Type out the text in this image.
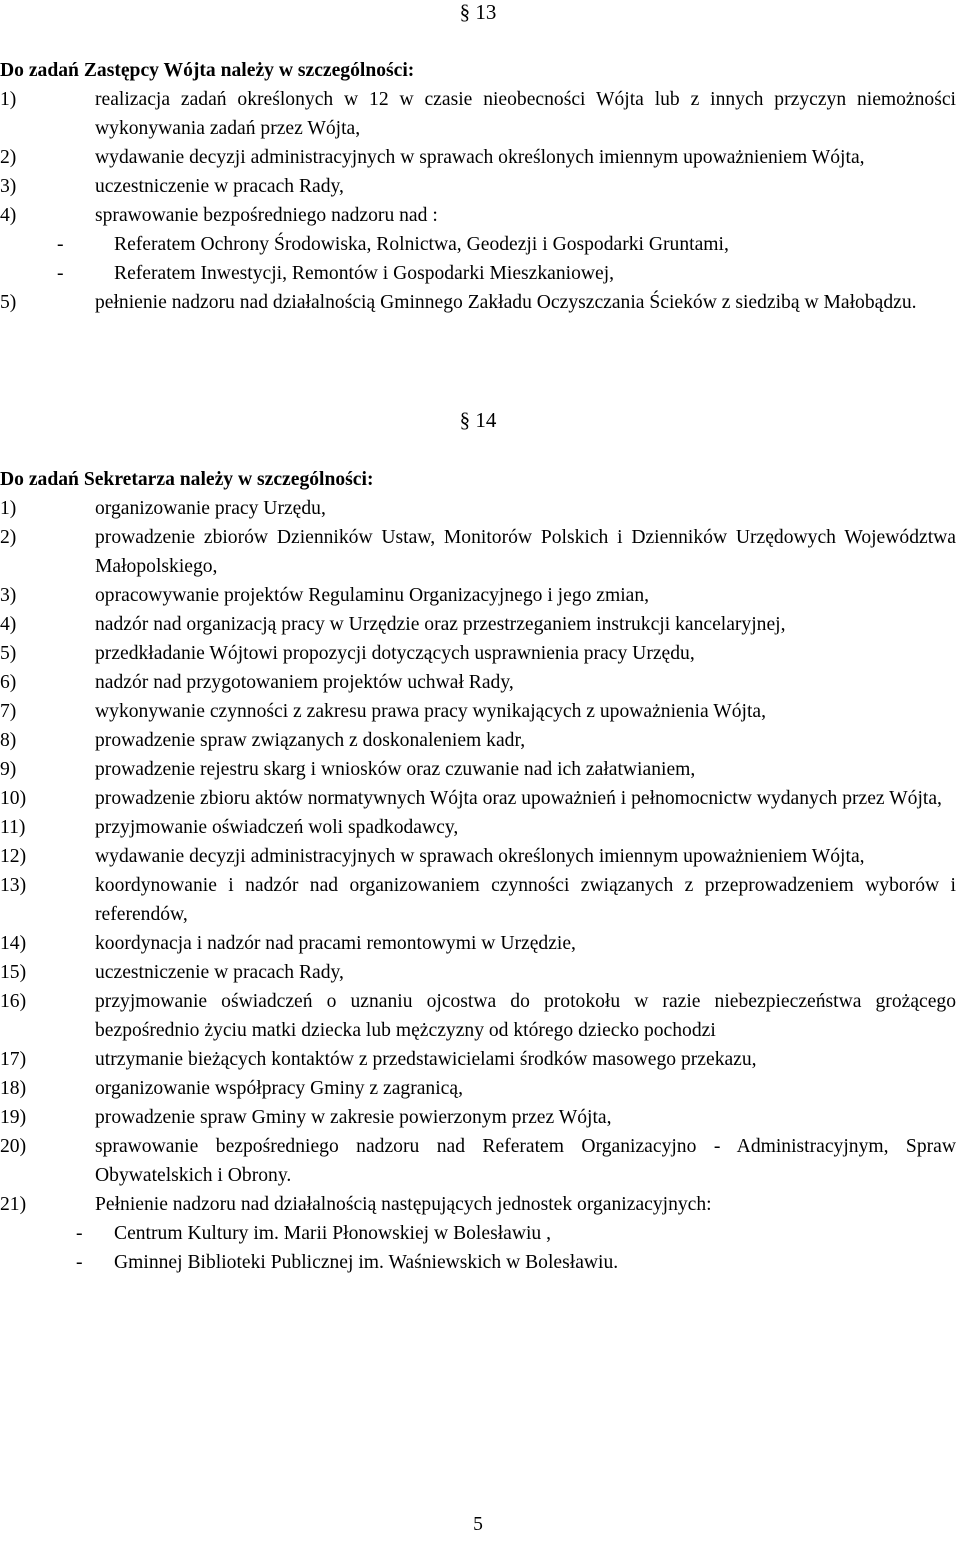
§ 13
Do zadań Zastępcy Wójta należy w szczególności:
1)	realizacja zadań określonych w 12 w czasie nieobecności Wójta lub z innych przyczyn niemożności wykonywania zadań przez Wójta,
2)	wydawanie decyzji administracyjnych w sprawach określonych imiennym upoważnieniem Wójta,
3)	uczestniczenie w pracach Rady,
4)	sprawowanie bezpośredniego nadzoru nad :
-	Referatem Ochrony Środowiska, Rolnictwa, Geodezji i Gospodarki Gruntami,
-	Referatem Inwestycji, Remontów i Gospodarki Mieszkaniowej,
5)	pełnienie nadzoru nad działalnością Gminnego Zakładu Oczyszczania Ścieków z siedzibą w Małobądzu.
§ 14
Do zadań Sekretarza należy w szczególności:
1)	organizowanie pracy Urzędu,
2)	prowadzenie zbiorów Dzienników Ustaw, Monitorów Polskich i Dzienników Urzędowych Województwa Małopolskiego,
3)	opracowywanie projektów Regulaminu Organizacyjnego i jego zmian,
4)	nadzór nad organizacją pracy w Urzędzie oraz przestrzeganiem instrukcji kancelaryjnej,
5)	przedkładanie Wójtowi propozycji dotyczących usprawnienia pracy Urzędu,
6)	nadzór nad przygotowaniem projektów uchwał Rady,
7)	wykonywanie czynności z zakresu prawa pracy wynikających z upoważnienia Wójta,
8)	prowadzenie spraw związanych z doskonaleniem kadr,
9)	prowadzenie rejestru skarg i wniosków oraz czuwanie nad ich załatwianiem,
10)	prowadzenie zbioru aktów normatywnych Wójta oraz upoważnień i pełnomocnictw wydanych przez Wójta,
11)	przyjmowanie oświadczeń woli spadkodawcy,
12)	wydawanie decyzji administracyjnych w sprawach określonych imiennym upoważnieniem Wójta,
13)	koordynowanie i nadzór nad organizowaniem czynności związanych z przeprowadzeniem wyborów i referendów,
14)	koordynacja i nadzór nad pracami remontowymi w Urzędzie,
15)	uczestniczenie w pracach Rady,
16)	przyjmowanie oświadczeń o uznaniu ojcostwa do protokołu w razie niebezpieczeństwa grożącego bezpośrednio życiu matki dziecka lub mężczyzny od którego dziecko pochodzi
17)	utrzymanie bieżących kontaktów z przedstawicielami środków masowego przekazu,
18)	organizowanie współpracy Gminy z zagranicą,
19)	prowadzenie spraw Gminy w zakresie powierzonym przez Wójta,
20)	sprawowanie bezpośredniego nadzoru nad Referatem Organizacyjno - Administracyjnym, Spraw Obywatelskich i Obrony.
21)	Pełnienie nadzoru nad działalnością następujących jednostek organizacyjnych:
-	Centrum Kultury im. Marii Płonowskiej w Bolesławiu ,
-	Gminnej Biblioteki Publicznej im. Waśniewskich w Bolesławiu.
5
